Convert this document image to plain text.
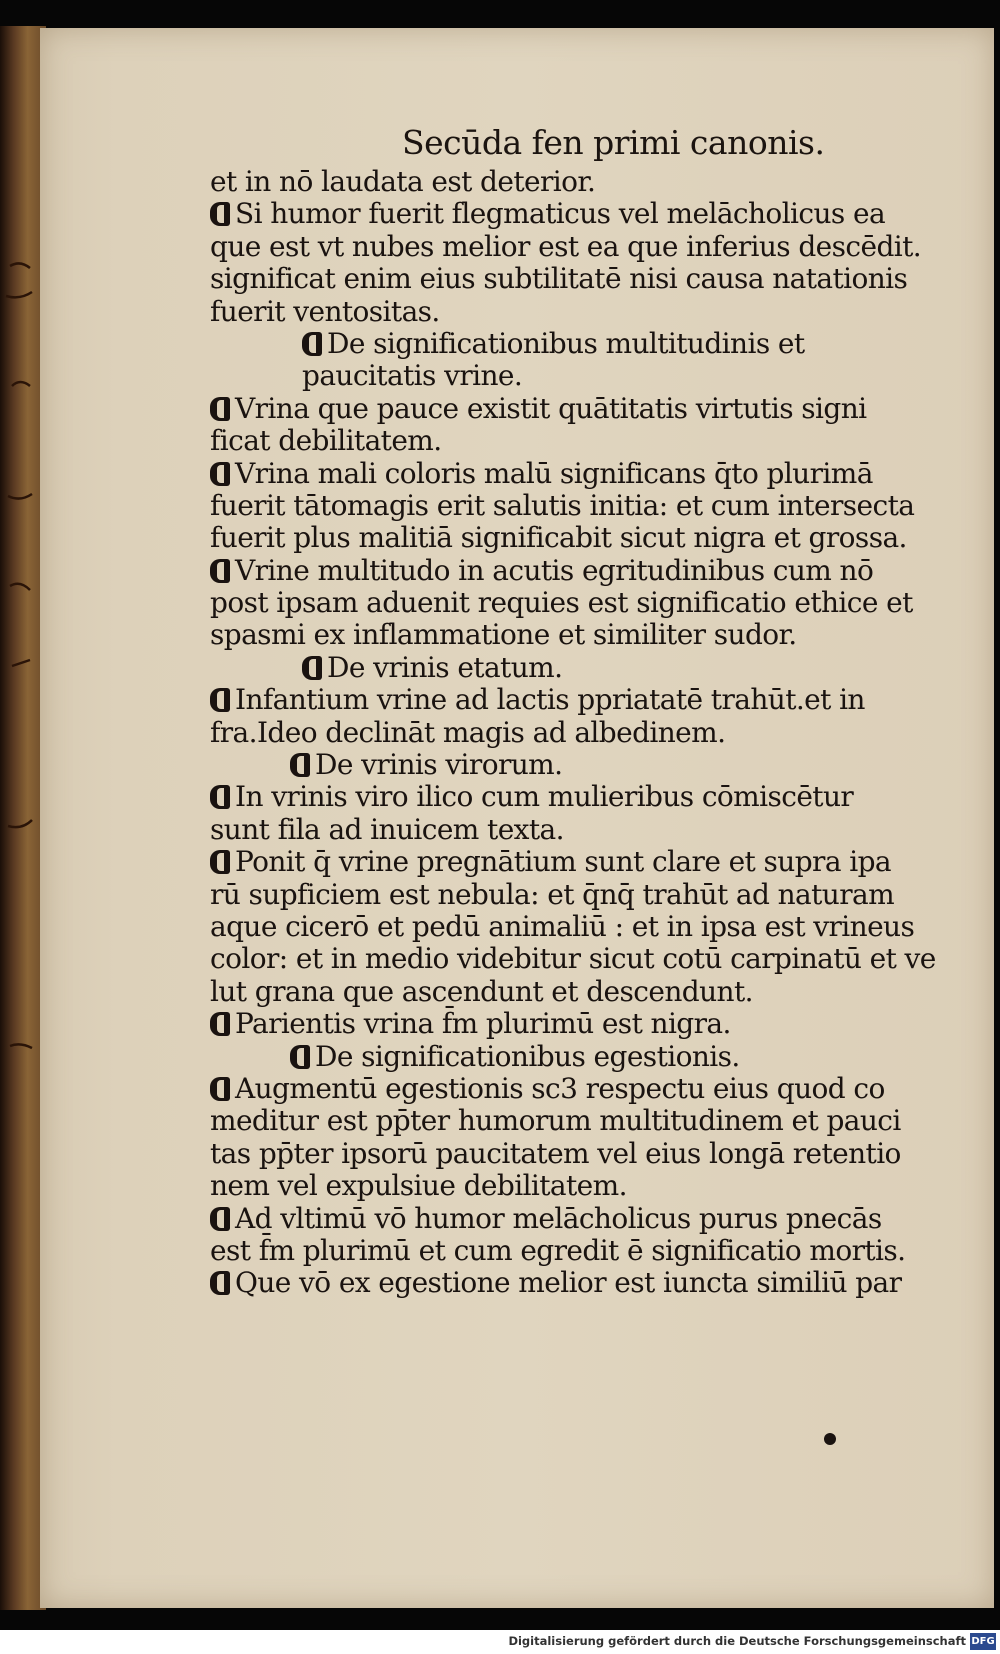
Secūda fen primi canonis.
et in nō laudata est deterior.
Si humor fuerit flegmaticus vel melācholicus ea
que est vt nubes melior est ea que inferius descēdit.
significat enim eius subtilitatē nisi causa natationis
fuerit ventositas.
De significationibus multitudinis et
paucitatis vrine.
Vrina que pauce existit quātitatis virtutis signi
ficat debilitatem.
Vrina mali coloris malū significans q̄to plurimā
fuerit tātomagis erit salutis initia: et cum intersecta
fuerit plus malitiā significabit sicut nigra et grossa.
Vrine multitudo in acutis egritudinibus cum nō
post ipsam aduenit requies est significatio ethice et
spasmi ex inflammatione et similiter sudor.
De vrinis etatum.
Infantium vrine ad lactis ppriatatē trahūt.et in
fra.Ideo declināt magis ad albedinem.
De vrinis virorum.
In vrinis viro ilico cum mulieribus cōmiscētur
sunt fila ad inuicem texta.
Ponit q̄ vrine pregnātium sunt clare et supra ipa
rū supficiem est nebula: et q̄nq̄ trahūt ad naturam
aque cicerō et pedū animaliū : et in ipsa est vrineus
color: et in medio videbitur sicut cotū carpinatū et ve
lut grana que ascendunt et descendunt.
Parientis vrina f̄m plurimū est nigra.
De significationibus egestionis.
Augmentū egestionis sc3 respectu eius quod co
meditur est pp̄ter humorum multitudinem et pauci
tas pp̄ter ipsorū paucitatem vel eius longā retentio
nem vel expulsiue debilitatem.
Ad vltimū vō humor melācholicus purus pnecās
est f̄m plurimū et cum egredit ē significatio mortis.
Que vō ex egestione melior est iuncta similiū par
Digitalisierung gefördert durch die Deutsche Forschungsgemeinschaft DFG
